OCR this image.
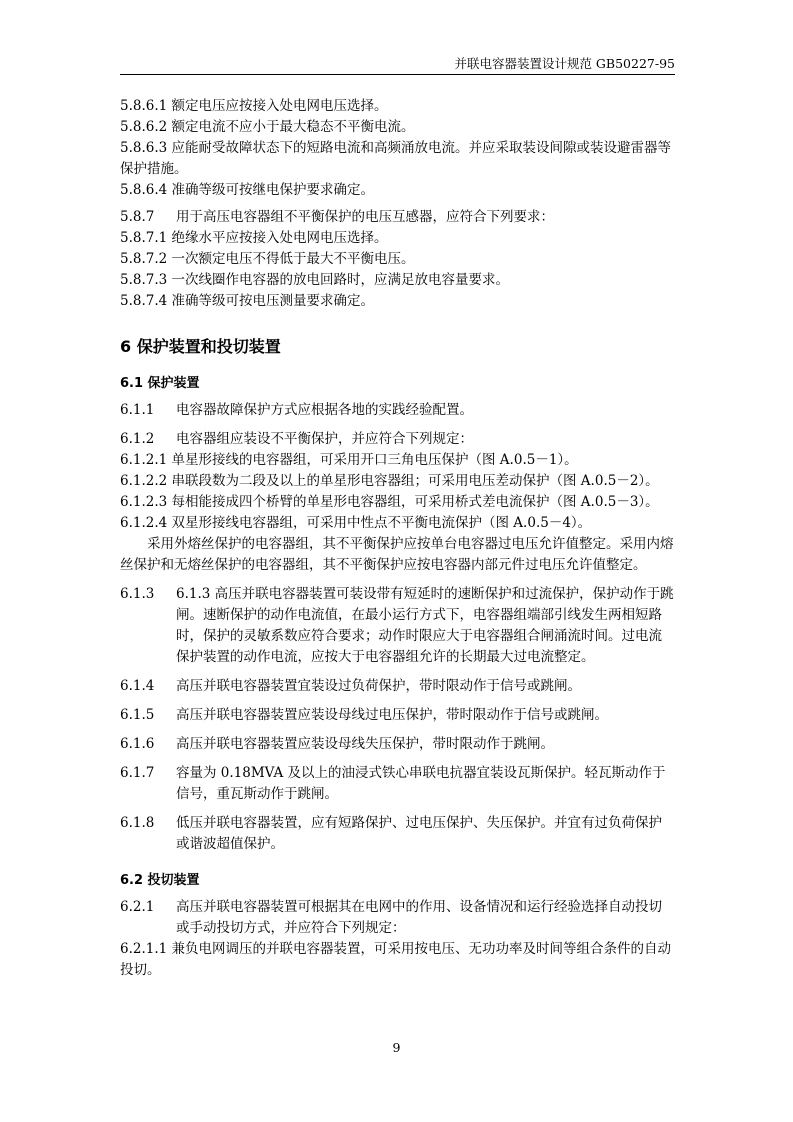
并联电容器装置设计规范 GB50227-95

5.8.6.1 额定电压应按接入处电网电压选择。

5.8.6.2 额定电流不应小于最大稳态不平衡电流。

5.8.6.3 应能耐受故障状态下的短路电流和高频涌放电流。并应采取装设间隙或装设避雷器等保护措施。

5.8.6.4 准确等级可按继电保护要求确定。

5.8.7	用于高压电容器组不平衡保护的电压互感器，应符合下列要求：

5.8.7.1 绝缘水平应按接入处电网电压选择。

5.8.7.2 一次额定电压不得低于最大不平衡电压。

5.8.7.3 一次线圈作电容器的放电回路时，应满足放电容量要求。

5.8.7.4 准确等级可按电压测量要求确定。

6 保护装置和投切装置
6.1 保护装置
6.1.1	电容器故障保护方式应根据各地的实践经验配置。
6.1.2	电容器组应装设不平衡保护，并应符合下列规定：

6.1.2.1 单星形接线的电容器组，可采用开口三角电压保护（图 A.0.5－1）。

6.1.2.2 串联段数为二段及以上的单星形电容器组；可采用电压差动保护（图 A.0.5－2）。

6.1.2.3 每相能接成四个桥臂的单星形电容器组，可采用桥式差电流保护（图 A.0.5－3）。

6.1.2.4 双星形接线电容器组，可采用中性点不平衡电流保护（图 A.0.5－4）。

采用外熔丝保护的电容器组，其不平衡保护应按单台电容器过电压允许值整定。采用内熔丝保护和无熔丝保护的电容器组，其不平衡保护应按电容器内部元件过电压允许值整定。

6.1.3	6.1.3 高压并联电容器装置可装设带有短延时的速断保护和过流保护，保护动作于跳闸。速断保护的动作电流值，在最小运行方式下，电容器组端部引线发生两相短路时，保护的灵敏系数应符合要求；动作时限应大于电容器组合闸涌流时间。过电流保护装置的动作电流，应按大于电容器组允许的长期最大过电流整定。
6.1.4	高压并联电容器装置宜装设过负荷保护，带时限动作于信号或跳闸。
6.1.5	高压并联电容器装置应装设母线过电压保护，带时限动作于信号或跳闸。
6.1.6	高压并联电容器装置应装设母线失压保护，带时限动作于跳闸。
6.1.7	容量为 0.18MVA 及以上的油浸式铁心串联电抗器宜装设瓦斯保护。轻瓦斯动作于信号，重瓦斯动作于跳闸。
6.1.8	低压并联电容器装置，应有短路保护、过电压保护、失压保护。并宜有过负荷保护或谐波超值保护。
6.2 投切装置
6.2.1	高压并联电容器装置可根据其在电网中的作用、设备情况和运行经验选择自动投切或手动投切方式，并应符合下列规定：

6.2.1.1 兼负电网调压的并联电容器装置，可采用按电压、无功功率及时间等组合条件的自动投切。

9
